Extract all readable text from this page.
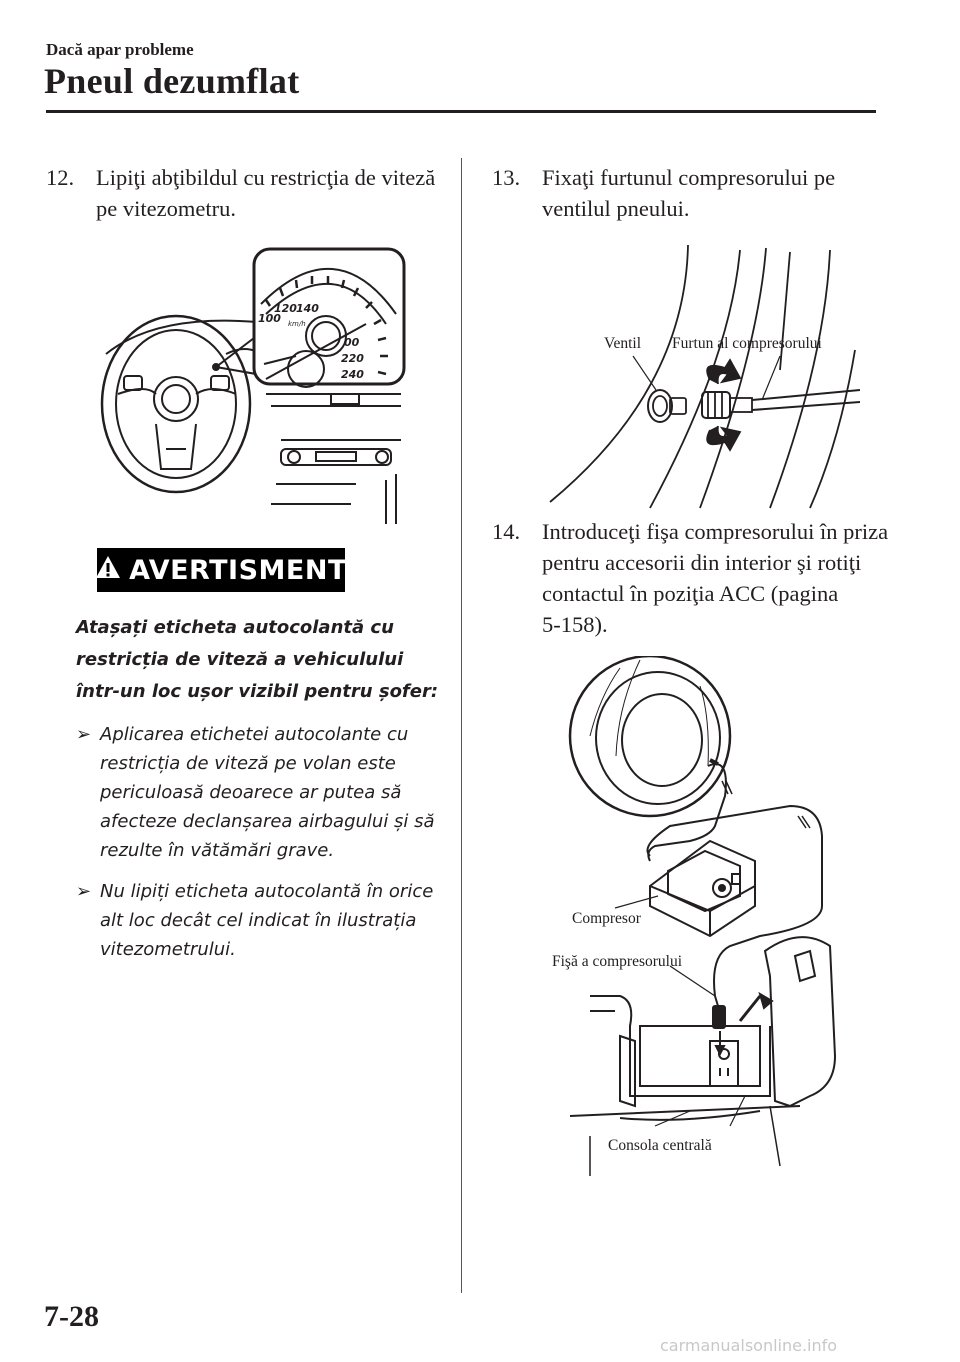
Dacă apar probleme
Pneul dezumflat
12. Lipiţi abţibildul cu restricţia de viteză
pe vitezometru.
100
120 140
km/h
00
220
240
AVERTISMENT
Atașați eticheta autocolantă cu restricția de viteză a vehiculului într-un loc ușor vizibil pentru șofer:
➢ Aplicarea etichetei autocolante cu restricția de viteză pe volan este periculoasă deoarece ar putea să afecteze declanșarea airbagului și să rezulte în vătămări grave.
➢ Nu lipiți eticheta autocolantă în orice alt loc decât cel indicat în ilustrația vitezometrului.
13. Fixaţi furtunul compresorului pe
ventilul pneului.
Ventil Furtun al compresorului
14. Introduceţi fişa compresorului în priza
pentru accesorii din interior şi rotiţi
contactul în poziţia ACC (pagina
5-158).
Compresor
Fişă a compresorului
Consola centrală
7-28
carmanualsonline.info
